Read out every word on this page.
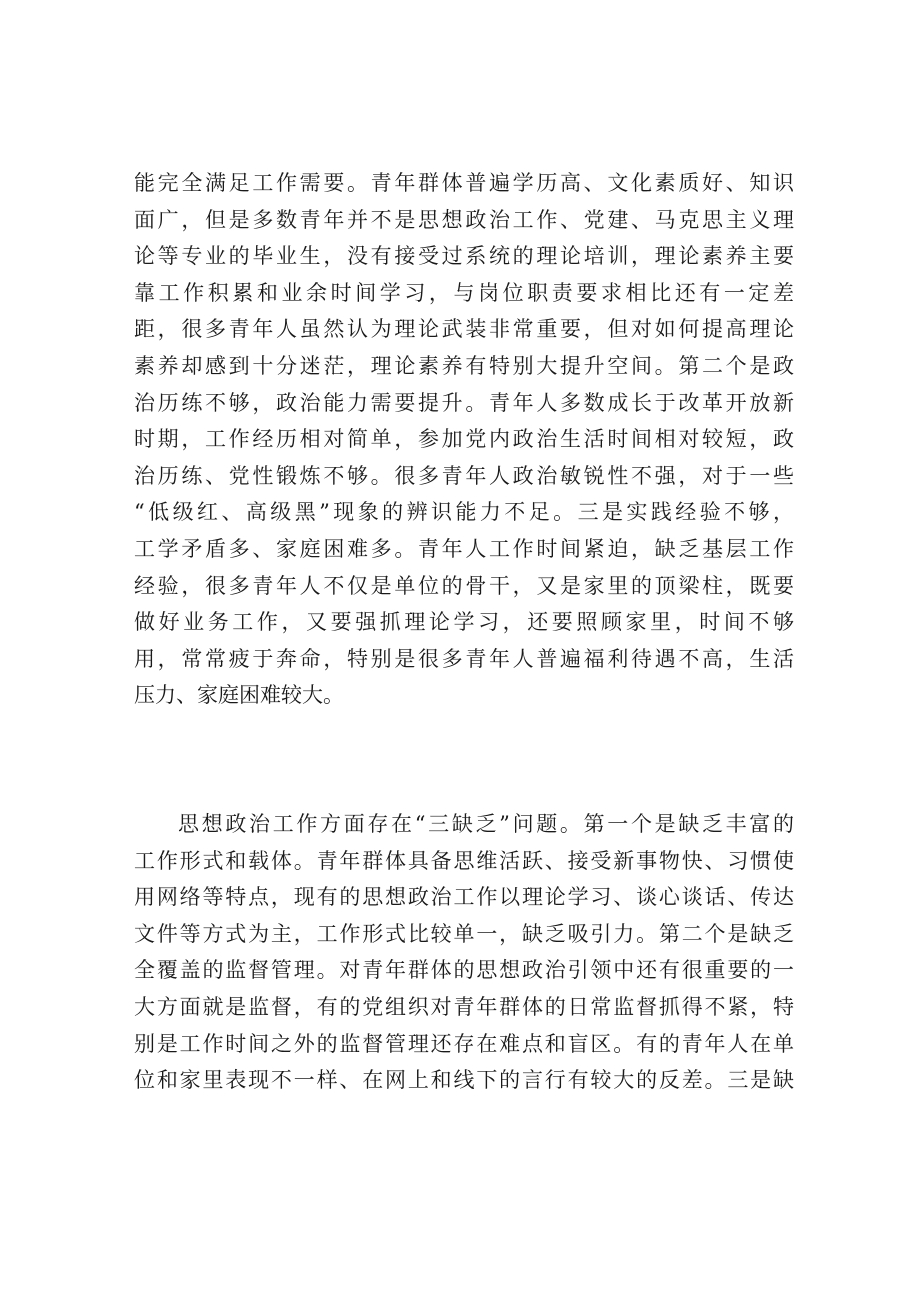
能完全满足工作需要。青年群体普遍学历高、文化素质好、知识
面广，但是多数青年并不是思想政治工作、党建、马克思主义理
论等专业的毕业生，没有接受过系统的理论培训，理论素养主要
靠工作积累和业余时间学习，与岗位职责要求相比还有一定差
距，很多青年人虽然认为理论武装非常重要，但对如何提高理论
素养却感到十分迷茫，理论素养有特别大提升空间。第二个是政
治历练不够，政治能力需要提升。青年人多数成长于改革开放新
时期，工作经历相对简单，参加党内政治生活时间相对较短，政
治历练、党性锻炼不够。很多青年人政治敏锐性不强，对于一些
“低级红、高级黑”现象的辨识能力不足。三是实践经验不够，
工学矛盾多、家庭困难多。青年人工作时间紧迫，缺乏基层工作
经验，很多青年人不仅是单位的骨干，又是家里的顶梁柱，既要
做好业务工作，又要强抓理论学习，还要照顾家里，时间不够
用，常常疲于奔命，特别是很多青年人普遍福利待遇不高，生活
压力、家庭困难较大。
思想政治工作方面存在“三缺乏”问题。第一个是缺乏丰富的
工作形式和载体。青年群体具备思维活跃、接受新事物快、习惯使
用网络等特点，现有的思想政治工作以理论学习、谈心谈话、传达
文件等方式为主，工作形式比较单一，缺乏吸引力。第二个是缺乏
全覆盖的监督管理。对青年群体的思想政治引领中还有很重要的一
大方面就是监督，有的党组织对青年群体的日常监督抓得不紧，特
别是工作时间之外的监督管理还存在难点和盲区。有的青年人在单
位和家里表现不一样、在网上和线下的言行有较大的反差。三是缺
